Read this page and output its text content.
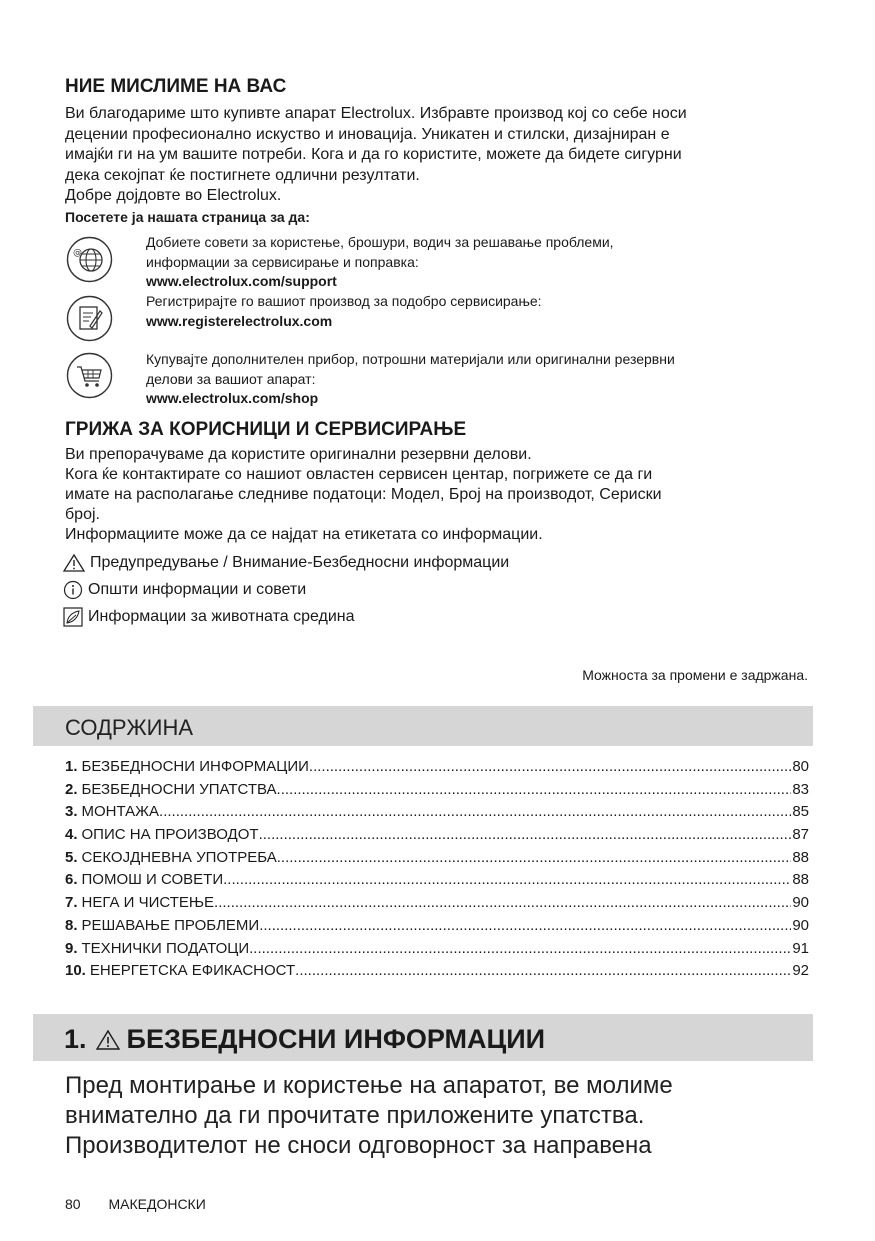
НИЕ МИСЛИМЕ НА ВАС

Ви благодариме што купивте апарат Electrolux. Избравте производ кој со себе носи

децении професионално искуство и иновација. Уникатен и стилски, дизајниран е

имајќи ги на ум вашите потреби. Кога и да го користите, можете да бидете сигурни

дека секојпат ќе постигнете одлични резултати.

Добре дојдовте во Electrolux.

Посетете ја нашата страница за да:

@
Добиете совети за користење, брошури, водич за решавање проблеми,
информации за сервисирање и поправка:
www.electrolux.com/support
Регистрирајте го вашиот производ за подобро сервисирање:
www.registerelectrolux.com
Купувајте дополнителен прибор, потрошни материјали или оригинални резервни
делови за вашиот апарат:
www.electrolux.com/shop
ГРИЖА ЗА КОРИСНИЦИ И СЕРВИСИРАЊЕ

Ви препорачуваме да користите оригинални резервни делови.

Кога ќе контактирате со нашиот овластен сервисен центар, погрижете се да ги

имате на располагање следниве податоци: Модел, Број на производот, Сериски

број.

Информациите може да се најдат на етикетата со информации.

Предупредување / Внимание-Безбедносни информации
Општи информации и совети
Информации за животната средина
Можноста за промени е задржана.
СОДРЖИНА
1. БЕЗБЕДНОСНИ ИНФОРМАЦИИ .....	80
2. БЕЗБЕДНОСНИ УПАТСТВА .....	83
3. МОНТАЖА .....	85
4. ОПИС НА ПРОИЗВОДОТ .....	87
5. СЕКОЈДНЕВНА УПОТРЕБА .....	88
6. ПОМОШ И СОВЕТИ .....	88
7. НЕГА И ЧИСТЕЊЕ .....	90
8. РЕШАВАЊЕ ПРОБЛЕМИ .....	90
9. ТЕХНИЧКИ ПОДАТОЦИ .....	91
10. ЕНЕРГЕТСКА ЕФИКАСНОСТ .....	92
1. БЕЗБЕДНОСНИ ИНФОРМАЦИИ
Пред монтирање и користење на апаратот, ве молиме
внимателно да ги прочитате приложените упатства.
Производителот не сноси одговорност за направена
80 МАКЕДОНСКИ
